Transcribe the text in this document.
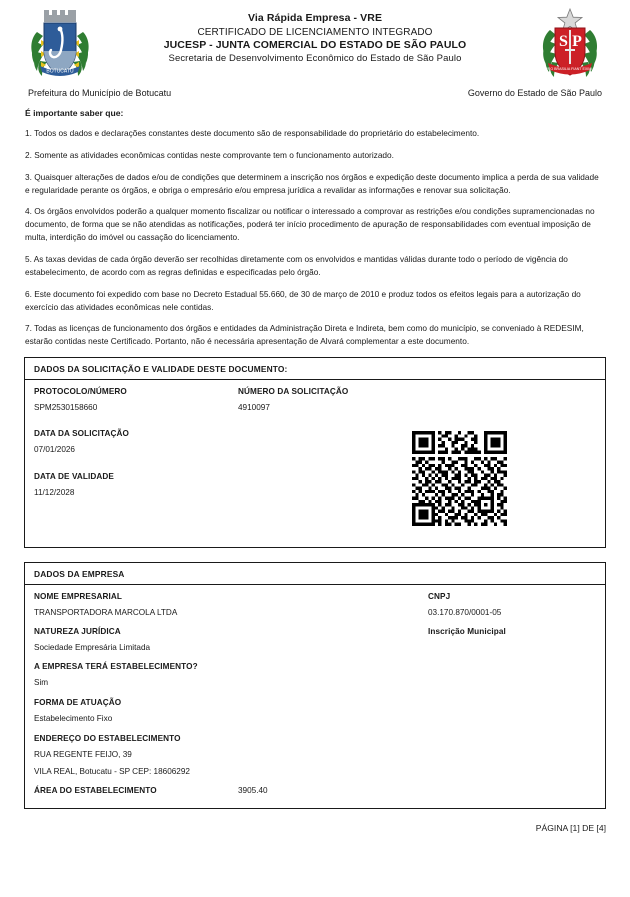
BOTUCATU
Via Rápida Empresa - VRE
CERTIFICADO DE LICENCIAMENTO INTEGRADO
JUCESP - JUNTA COMERCIAL DO ESTADO DE SÃO PAULO
Secretaria de Desenvolvimento Econômico do Estado de São Paulo
S P
PRO BRASILIA FIANT EXIMIA
Prefeitura do Município de Botucatu	Governo do Estado de São Paulo
É importante saber que:
1. Todos os dados e declarações constantes deste documento são de responsabilidade do proprietário do estabelecimento.
2. Somente as atividades econômicas contidas neste comprovante tem o funcionamento autorizado.
3. Quaisquer alterações de dados e/ou de condições que determinem a inscrição nos órgãos e expedição deste documento implica a perda de sua validade e regularidade perante os órgãos, e obriga o empresário e/ou empresa jurídica a revalidar as informações e renovar sua solicitação.
4. Os órgãos envolvidos poderão a qualquer momento fiscalizar ou notificar o interessado a comprovar as restrições e/ou condições supramencionadas no documento, de forma que se não atendidas as notificações, poderá ter início procedimento de apuração de responsabilidades com eventual imposição de multa, interdição do imóvel ou cassação do licenciamento.
5. As taxas devidas de cada órgão deverão ser recolhidas diretamente com os envolvidos e mantidas válidas durante todo o período de vigência do estabelecimento, de acordo com as regras definidas e especificadas pelo órgão.
6. Este documento foi expedido com base no Decreto Estadual 55.660, de 30 de março de 2010 e produz todos os efeitos legais para a autorização do exercício das atividades econômicas nele contidas.
7. Todas as licenças de funcionamento dos órgãos e entidades da Administração Direta e Indireta, bem como do município, se conveniado à REDESIM, estarão contidas neste Certificado. Portanto, não é necessária apresentação de Alvará complementar a este documento.
DADOS DA SOLICITAÇÃO E VALIDADE DESTE DOCUMENTO:
PROTOCOLO/NÚMERO	NÚMERO DA SOLICITAÇÃO
SPM2530158660	4910097
DATA DA SOLICITAÇÃO
07/01/2026
DATA DE VALIDADE
11/12/2028
DADOS DA EMPRESA
NOME EMPRESARIAL	CNPJ
TRANSPORTADORA MARCOLA LTDA	03.170.870/0001-05
NATUREZA JURÍDICA	Inscrição Municipal
Sociedade Empresária Limitada
A EMPRESA TERÁ ESTABELECIMENTO?
Sim
FORMA DE ATUAÇÃO
Estabelecimento Fixo
ENDEREÇO DO ESTABELECIMENTO
RUA REGENTE FEIJO, 39
VILA REAL, Botucatu - SP CEP: 18606292
ÁREA DO ESTABELECIMENTO	3905.40
PÁGINA [1] DE [4]
